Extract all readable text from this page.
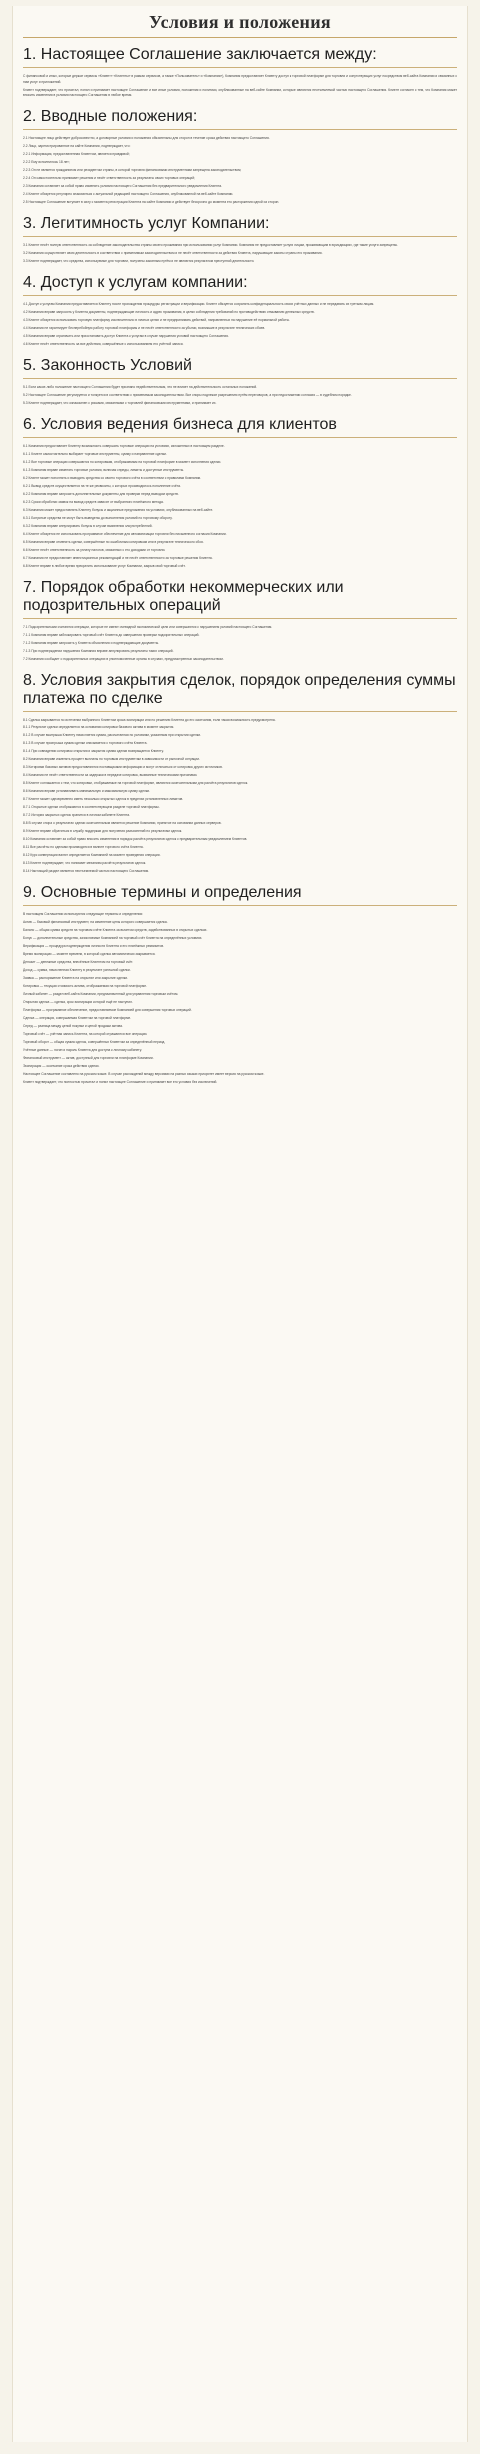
Условия и положения
1. Настоящее Соглашение заключается между:

С финансовой и иных, которые держат сервисы «Клиент» «Клиенты» в рамках сервисов, а также «Пользователь» и «Компания»), Компания предоставляет Клиенту доступ к торговой платформе для торговли и сопутствующих услуг посредством веб-сайта Компании и связанных с ним услуг и приложений.

Клиент подтверждает, что прочитал, понял и принимает настоящее Соглашение и все иные условия, положения и политики, опубликованные на веб-сайте Компании, которые являются неотъемлемой частью настоящего Соглашения. Клиент согласен с тем, что Компания может вносить изменения в условия настоящего Соглашения в любое время.

2. Вводные положения:

2.1 Настоящее лицо действует добросовестно, а договорные условия и положения обязательны для сторон в течение срока действия настоящего Соглашения.

2.2 Лицо, зарегистрированное на сайте Компании, подтверждает, что:

2.2.1 Информация, предоставленная Клиентом, является правдивой;

2.2.2 Ему исполнилось 18 лет;

2.2.3 Он не является гражданином или резидентом страны, в которой торговля финансовыми инструментами запрещена законодательством;

2.2.4 Он самостоятельно принимает решения и несёт ответственность за результаты своих торговых операций;

2.3 Компания оставляет за собой право изменять условия настоящего Соглашения без предварительного уведомления Клиента.

2.4 Клиент обязуется регулярно знакомиться с актуальной редакцией настоящего Соглашения, опубликованной на веб-сайте Компании.

2.5 Настоящее Соглашение вступает в силу с момента регистрации Клиента на сайте Компании и действует бессрочно до момента его расторжения одной из сторон.

3. Легитимность услуг Компании:

3.1 Клиент несёт полную ответственность за соблюдение законодательства страны своего проживания при использовании услуг Компании. Компания не предоставляет услуги лицам, проживающим в юрисдикциях, где такие услуги запрещены.

3.2 Компания осуществляет свою деятельность в соответствии с применимым законодательством и не несёт ответственности за действия Клиента, нарушающие законы страны его проживания.

3.3 Клиент подтверждает, что средства, используемые для торговли, получены законным путём и не являются результатом преступной деятельности.

4. Доступ к услугам компании:

4.1 Доступ к услугам Компании предоставляется Клиенту после прохождения процедуры регистрации и верификации. Клиент обязуется сохранять конфиденциальность своих учётных данных и не передавать их третьим лицам.

4.2 Компания вправе запросить у Клиента документы, подтверждающие личность и адрес проживания, в целях соблюдения требований по противодействию отмыванию денежных средств.

4.3 Клиент обязуется использовать торговую платформу исключительно в личных целях и не предпринимать действий, направленных на нарушение её нормальной работы.

4.4 Компания не гарантирует бесперебойную работу торговой платформы и не несёт ответственности за убытки, возникшие в результате технических сбоев.

4.5 Компания вправе ограничить или приостановить доступ Клиента к услугам в случае нарушения условий настоящего Соглашения.

4.6 Клиент несёт ответственность за все действия, совершённые с использованием его учётной записи.

5. Законность Условий

5.1 Если какое-либо положение настоящего Соглашения будет признано недействительным, это не влияет на действительность остальных положений.

5.2 Настоящее Соглашение регулируется и толкуется в соответствии с применимым законодательством. Все споры подлежат разрешению путём переговоров, а при недостижении согласия — в судебном порядке.

5.3 Клиент подтверждает, что ознакомлен с рисками, связанными с торговлей финансовыми инструментами, и принимает их.

6. Условия ведения бизнеса для клиентов

6.1 Компания предоставляет Клиенту возможность совершать торговые операции на условиях, изложенных в настоящем разделе.

6.1.1 Клиент самостоятельно выбирает торговые инструменты, сумму и направление сделки.

6.1.2 Все торговые операции совершаются по котировкам, отображаемым на торговой платформе в момент исполнения сделки.

6.1.3 Компания вправе изменять торговые условия, включая спреды, лимиты и доступные инструменты.

6.2 Клиент может пополнять и выводить средства со своего торгового счёта в соответствии с правилами Компании.

6.2.1 Вывод средств осуществляется на те же реквизиты, с которых производилось пополнение счёта.

6.2.2 Компания вправе запросить дополнительные документы для проверки перед выводом средств.

6.2.3 Сроки обработки заявок на вывод средств зависят от выбранного платёжного метода.

6.3 Компания может предоставлять Клиенту бонусы и акционные предложения на условиях, опубликованных на веб-сайте.

6.3.1 Бонусные средства не могут быть выведены до выполнения условий по торговому обороту.

6.3.2 Компания вправе аннулировать бонусы в случае выявления злоупотреблений.

6.4 Клиент обязуется не использовать программное обеспечение для автоматизации торговли без письменного согласия Компании.

6.5 Компания вправе отменить сделки, совершённые по ошибочным котировкам или в результате технического сбоя.

6.6 Клиент несёт ответственность за уплату налогов, связанных с его доходами от торговли.

6.7 Компания не предоставляет инвестиционных рекомендаций и не несёт ответственности за торговые решения Клиента.

6.8 Клиент вправе в любое время прекратить использование услуг Компании, закрыв свой торговый счёт.

7. Порядок обработки некоммерческих или подозрительных операций

7.1 Подозрительными считаются операции, которые не имеют очевидной экономической цели или совершаются с нарушением условий настоящего Соглашения.

7.1.1 Компания вправе заблокировать торговый счёт Клиента до завершения проверки подозрительных операций.

7.1.2 Компания вправе запросить у Клиента объяснения и подтверждающие документы.

7.1.3 При подтверждении нарушения Компания вправе аннулировать результаты таких операций.

7.2 Компания сообщает о подозрительных операциях в уполномоченные органы в случаях, предусмотренных законодательством.

8. Условия закрытия сделок, порядок определения суммы платежа по сделке

8.1 Сделка закрывается по истечении выбранного Клиентом срока экспирации или по решению Клиента до его окончания, если такая возможность предусмотрена.

8.1.1 Результат сделки определяется на основании котировки базового актива в момент закрытия.

8.1.2 В случае выигрыша Клиенту начисляется сумма, рассчитанная по условиям, указанным при открытии сделки.

8.1.3 В случае проигрыша сумма сделки списывается с торгового счёта Клиента.

8.1.4 При совпадении котировок открытия и закрытия сумма сделки возвращается Клиенту.

8.2 Компания вправе изменять процент выплаты по торговым инструментам в зависимости от рыночной ситуации.

8.3 Котировки базовых активов предоставляются поставщиками информации и могут отличаться от котировок других источников.

8.4 Компания не несёт ответственности за задержки в передаче котировок, вызванные техническими причинами.

8.5 Клиент соглашается с тем, что котировки, отображаемые на торговой платформе, являются окончательными для расчёта результатов сделок.

8.6 Компания вправе устанавливать минимальную и максимальную сумму сделки.

8.7 Клиент может одновременно иметь несколько открытых сделок в пределах установленных лимитов.

8.7.1 Открытые сделки отображаются в соответствующем разделе торговой платформы.

8.7.2 История закрытых сделок хранится в личном кабинете Клиента.

8.8 В случае спора о результатах сделки окончательным является решение Компании, принятое на основании данных серверов.

8.9 Клиент вправе обратиться в службу поддержки для получения разъяснений по результатам сделок.

8.10 Компания оставляет за собой право вносить изменения в порядок расчёта результатов сделок с предварительным уведомлением Клиентов.

8.11 Все расчёты по сделкам производятся в валюте торгового счёта Клиента.

8.12 Курс конвертации валют определяется Компанией на момент проведения операции.

8.13 Клиент подтверждает, что понимает механизм расчёта результатов сделок.

8.14 Настоящий раздел является неотъемлемой частью настоящего Соглашения.

9. Основные термины и определения

В настоящем Соглашении используются следующие термины и определения:

Актив — базовый финансовый инструмент, на изменение цены которого совершается сделка.

Баланс — общая сумма средств на торговом счёте Клиента за вычетом средств, задействованных в открытых сделках.

Бонус — дополнительные средства, зачисляемые Компанией на торговый счёт Клиента на определённых условиях.

Верификация — процедура подтверждения личности Клиента и его платёжных реквизитов.

Время экспирации — момент времени, в который сделка автоматически закрывается.

Депозит — денежные средства, внесённые Клиентом на торговый счёт.

Доход — сумма, начисленная Клиенту в результате успешной сделки.

Заявка — распоряжение Клиента на открытие или закрытие сделки.

Котировка — текущая стоимость актива, отображаемая на торговой платформе.

Личный кабинет — раздел веб-сайта Компании, предназначенный для управления торговым счётом.

Открытая сделка — сделка, срок экспирации которой ещё не наступил.

Платформа — программное обеспечение, предоставляемое Компанией для совершения торговых операций.

Сделка — операция, совершаемая Клиентом на торговой платформе.

Спред — разница между ценой покупки и ценой продажи актива.

Торговый счёт — учётная запись Клиента, на которой отражаются все операции.

Торговый оборот — общая сумма сделок, совершённых Клиентом за определённый период.

Учётные данные — логин и пароль Клиента для доступа к личному кабинету.

Финансовый инструмент — актив, доступный для торговли на платформе Компании.

Экспирация — окончание срока действия сделки.

Настоящее Соглашение составлено на русском языке. В случае расхождений между версиями на разных языках приоритет имеет версия на русском языке.

Клиент подтверждает, что полностью прочитал и понял настоящее Соглашение и принимает все его условия без исключений.
